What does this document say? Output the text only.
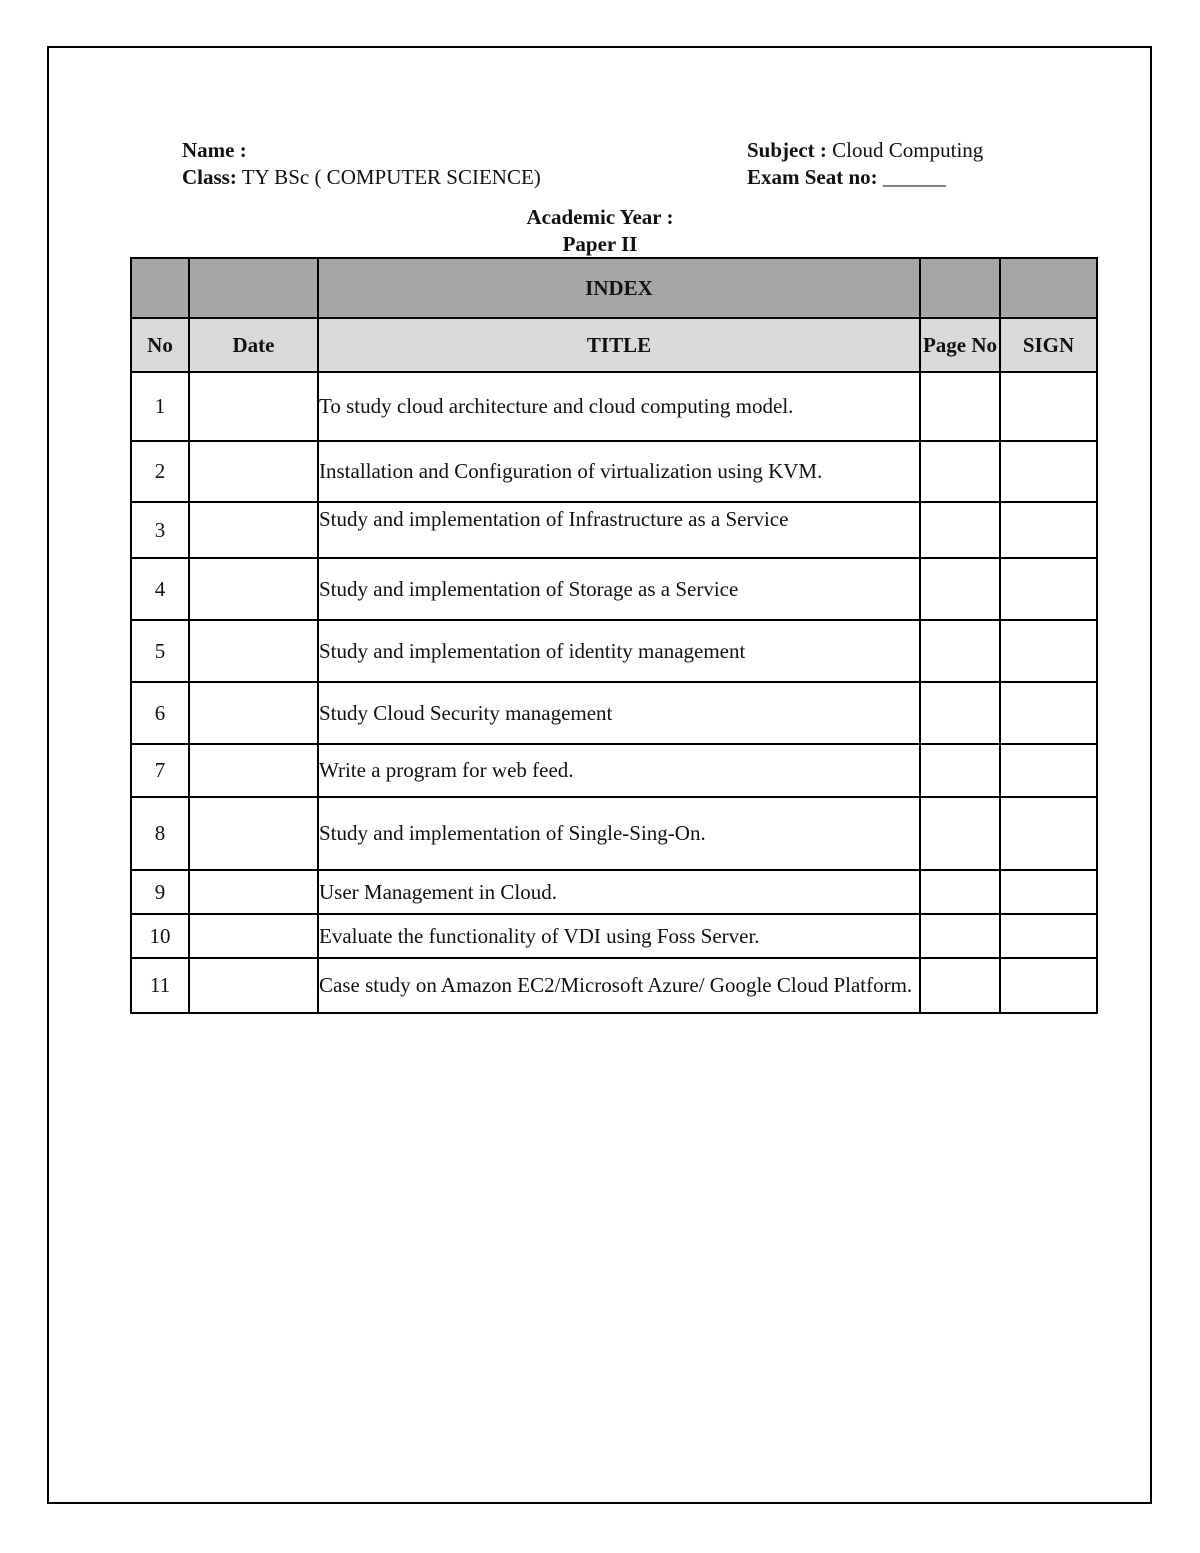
Name :
Class: TY BSc ( COMPUTER SCIENCE)
Subject : Cloud Computing
Exam Seat no: ______
Academic Year :
Paper II
		INDEX		
No	Date	TITLE	Page No	SIGN
1		To study cloud architecture and cloud computing model.		
2		Installation and Configuration of virtualization using KVM.		
3		Study and implementation of Infrastructure as a Service		
4		Study and implementation of Storage as a Service		
5		Study and implementation of identity management		
6		Study Cloud Security management		
7		Write a program for web feed.		
8		Study and implementation of Single-Sing-On.		
9		User Management in Cloud.		
10		Evaluate the functionality of VDI using Foss Server.		
11		Case study on Amazon EC2/Microsoft Azure/ Google Cloud Platform.		
